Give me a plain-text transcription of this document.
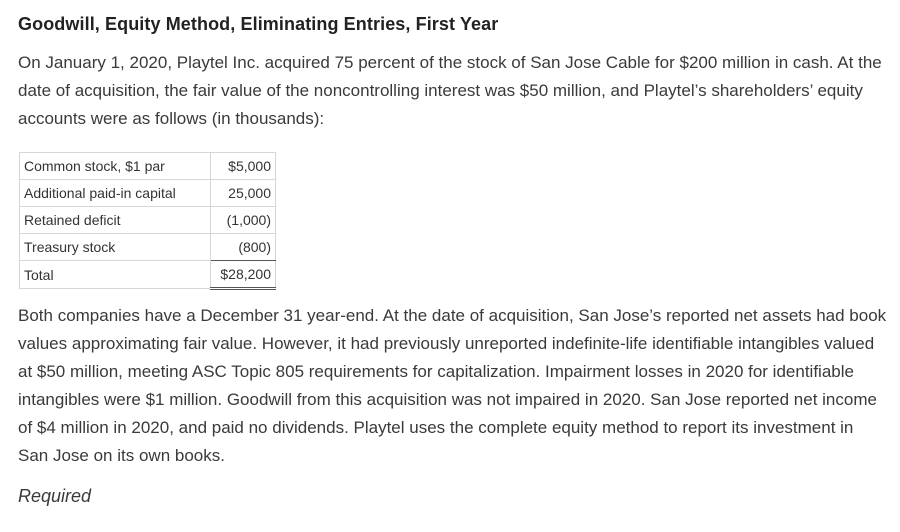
Goodwill, Equity Method, Eliminating Entries, First Year

On January 1, 2020, Playtel Inc. acquired 75 percent of the stock of San Jose Cable for $200 million in cash. At the date of acquisition, the fair value of the noncontrolling interest was $50 million, and Playtel’s shareholders’ equity accounts were as follows (in thousands):

Common stock, $1 par	$5,000
Additional paid-in capital	25,000
Retained deficit	(1,000)
Treasury stock	(800)
Total	$28,200

Both companies have a December 31 year-end. At the date of acquisition, San Jose’s reported net assets had book values approximating fair value. However, it had previously unreported indefinite-life identifiable intangibles valued at $50 million, meeting ASC Topic 805 requirements for capitalization. Impairment losses in 2020 for identifiable intangibles were $1 million. Goodwill from this acquisition was not impaired in 2020. San Jose reported net income of $4 million in 2020, and paid no dividends. Playtel uses the complete equity method to report its investment in San Jose on its own books.

Required
